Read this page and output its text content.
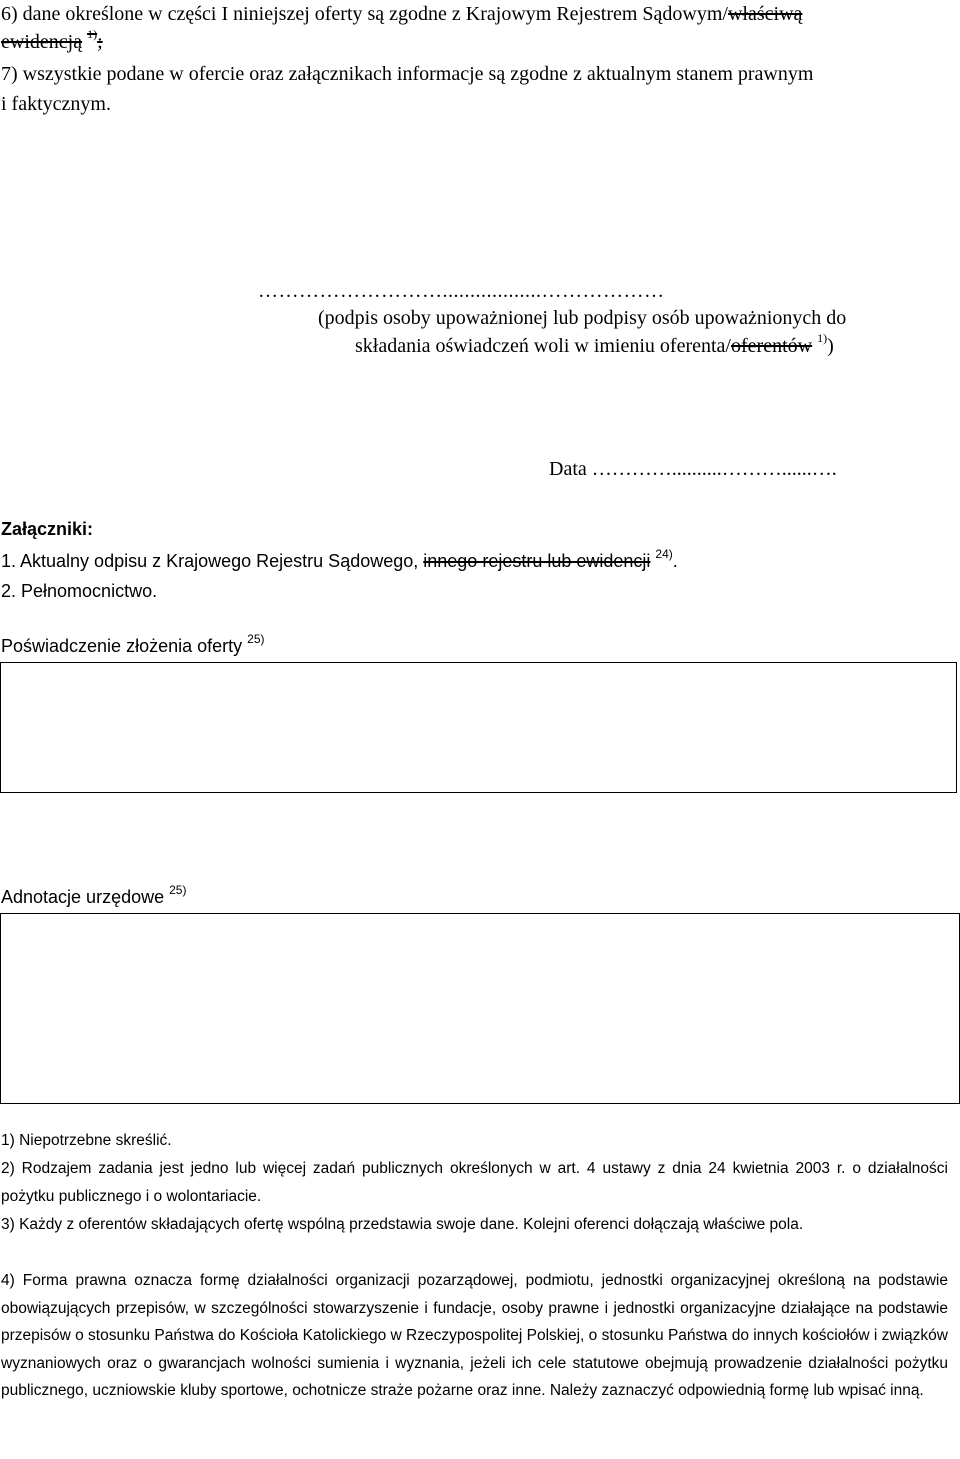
6) dane określone w części I niniejszej oferty są zgodne z Krajowym Rejestrem Sądowym/właściwą
ewidencją $^{1)}$;
7) wszystkie podane w ofercie oraz załącznikach informacje są zgodne z aktualnym stanem prawnym
i faktycznym.
………………………..................………………
(podpis osoby upoważnionej lub podpisy osób upoważnionych do
składania oświadczeń woli w imieniu oferenta/oferentów $^{1)}$)
Data …………..........………......….
Załączniki:
1. Aktualny odpisu z Krajowego Rejestru Sądowego, innego rejestru lub ewidencji $^{24)}$.
2. Pełnomocnictwo.
Poświadczenie złożenia oferty $^{25)}$
Adnotacje urzędowe $^{25)}$
1) Niepotrzebne skreślić.
2) Rodzajem zadania jest jedno lub więcej zadań publicznych określonych w art. 4 ustawy z dnia 24 kwietnia 2003 r. o działalności pożytku publicznego i o wolontariacie.
3) Każdy z oferentów składających ofertę wspólną przedstawia swoje dane. Kolejni oferenci dołączają właściwe pola.
4) Forma prawna oznacza formę działalności organizacji pozarządowej, podmiotu, jednostki organizacyjnej określoną na podstawie obowiązujących przepisów, w szczególności stowarzyszenie i fundacje, osoby prawne i jednostki organizacyjne działające na podstawie przepisów o stosunku Państwa do Kościoła Katolickiego w Rzeczypospolitej Polskiej, o stosunku Państwa do innych kościołów i związków wyznaniowych oraz o gwarancjach wolności sumienia i wyznania, jeżeli ich cele statutowe obejmują prowadzenie działalności pożytku publicznego, uczniowskie kluby sportowe, ochotnicze straże pożarne oraz inne. Należy zaznaczyć odpowiednią formę lub wpisać inną.
